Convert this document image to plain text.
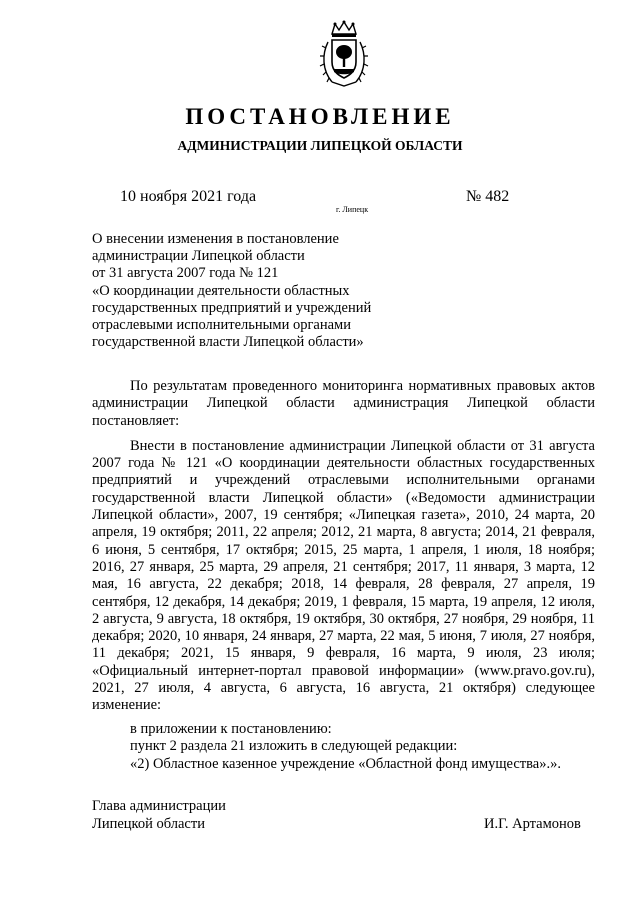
ПОСТАНОВЛЕНИЕ
АДМИНИСТРАЦИИ ЛИПЕЦКОЙ ОБЛАСТИ
10 ноября 2021 года
г. Липецк
№ 482
О внесении изменения в постановление
администрации Липецкой области
от 31 августа 2007 года № 121
«О координации деятельности областных
государственных предприятий и учреждений
отраслевыми исполнительными органами
государственной власти Липецкой области»

По результатам проведенного мониторинга нормативных правовых актов администрации Липецкой области администрация Липецкой области постановляет:

Внести в постановление администрации Липецкой области от 31 августа 2007 года № 121 «О координации деятельности областных государственных предприятий и учреждений отраслевыми исполнительными органами государственной власти Липецкой области» («Ведомости администрации Липецкой области», 2007, 19 сентября; «Липецкая газета», 2010, 24 марта, 20 апреля, 19 октября; 2011, 22 апреля; 2012, 21 марта, 8 августа; 2014, 21 февраля, 6 июня, 5 сентября, 17 октября; 2015, 25 марта, 1 апреля, 1 июля, 18 ноября; 2016, 27 января, 25 марта, 29 апреля, 21 сентября; 2017, 11 января, 3 марта, 12 мая, 16 августа, 22 декабря; 2018, 14 февраля, 28 февраля, 27 апреля, 19 сентября, 12 декабря, 14 декабря; 2019, 1 февраля, 15 марта, 19 апреля, 12 июля, 2 августа, 9 августа, 18 октября, 19 октября, 30 октября, 27 ноября, 29 ноября, 11 декабря; 2020, 10 января, 24 января, 27 марта, 22 мая, 5 июня, 7 июля, 27 ноября, 11 декабря; 2021, 15 января, 9 февраля, 16 марта, 9 июля, 23 июля; «Официальный интернет-портал правовой информации» (www.pravo.gov.ru), 2021, 27 июля, 4 августа, 6 августа, 16 августа, 21 октября) следующее изменение:

в приложении к постановлению:
пункт 2 раздела 21 изложить в следующей редакции:
«2) Областное казенное учреждение «Областной фонд имущества».».
Глава администрации
Липецкой области	И.Г. Артамонов
